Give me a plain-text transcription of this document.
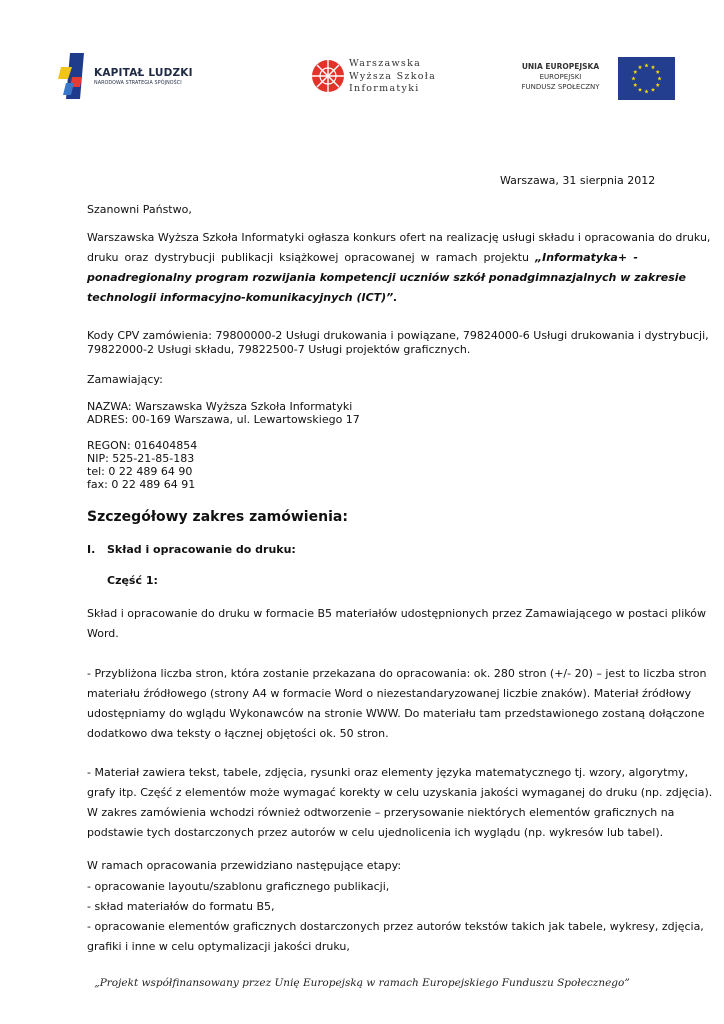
KAPITAŁ LUDZKI
NARODOWA STRATEGIA SPÓJNOŚCI
Warszawska
Wyższa Szkoła
Informatyki
UNIA EUROPEJSKA
EUROPEJSKI
FUNDUSZ SPOŁECZNY
Warszawa, 31 sierpnia 2012
Szanowni Państwo,
Warszawska Wyższa Szkoła Informatyki ogłasza konkurs ofert na realizację usługi składu i opracowania do druku,
druku oraz dystrybucji publikacji książkowej opracowanej w ramach projektu „Informatyka+ -
ponadregionalny program rozwijania kompetencji uczniów szkół ponadgimnazjalnych w zakresie
technologii informacyjno-komunikacyjnych (ICT)”.
Kody CPV zamówienia: 79800000-2 Usługi drukowania i powiązane, 79824000-6 Usługi drukowania i dystrybucji,
79822000-2 Usługi składu, 79822500-7 Usługi projektów graficznych.
Zamawiający:
NAZWA: Warszawska Wyższa Szkoła Informatyki
ADRES: 00-169 Warszawa, ul. Lewartowskiego 17
REGON: 016404854
NIP: 525-21-85-183
tel: 0 22 489 64 90
fax: 0 22 489 64 91
Szczegółowy zakres zamówienia:
I. Skład i opracowanie do druku:
Część 1:
Skład i opracowanie do druku w formacie B5 materiałów udostępnionych przez Zamawiającego w postaci plików
Word.
- Przybliżona liczba stron, która zostanie przekazana do opracowania: ok. 280 stron (+/- 20) – jest to liczba stron
materiału źródłowego (strony A4 w formacie Word o niezestandaryzowanej liczbie znaków). Materiał źródłowy
udostępniamy do wglądu Wykonawców na stronie WWW. Do materiału tam przedstawionego zostaną dołączone
dodatkowo dwa teksty o łącznej objętości ok. 50 stron.
- Materiał zawiera tekst, tabele, zdjęcia, rysunki oraz elementy języka matematycznego tj. wzory, algorytmy,
grafy itp. Część z elementów może wymagać korekty w celu uzyskania jakości wymaganej do druku (np. zdjęcia).
W zakres zamówienia wchodzi również odtworzenie – przerysowanie niektórych elementów graficznych na
podstawie tych dostarczonych przez autorów w celu ujednolicenia ich wyglądu (np. wykresów lub tabel).
W ramach opracowania przewidziano następujące etapy:
- opracowanie layoutu/szablonu graficznego publikacji,
- skład materiałów do formatu B5,
- opracowanie elementów graficznych dostarczonych przez autorów tekstów takich jak tabele, wykresy, zdjęcia,
grafiki i inne w celu optymalizacji jakości druku,
„Projekt współfinansowany przez Unię Europejską w ramach Europejskiego Funduszu Społecznego”
